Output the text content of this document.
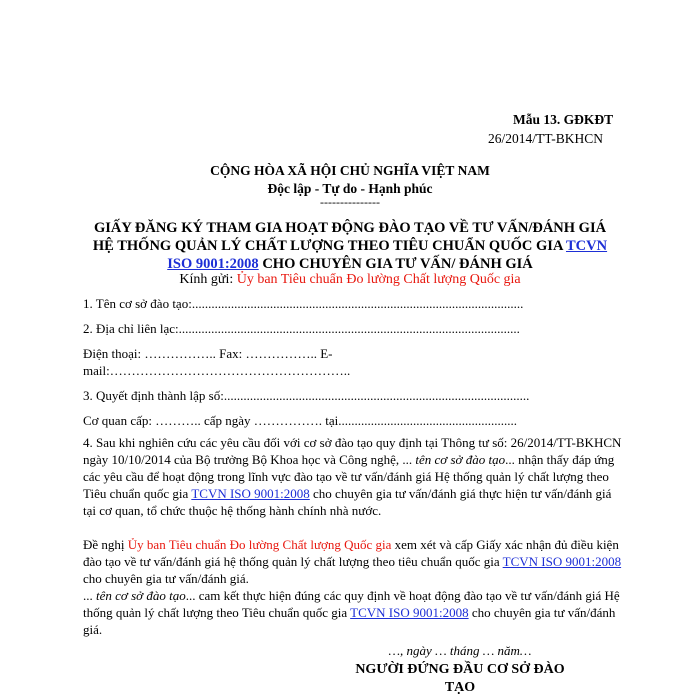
Mẫu 13. GĐKĐT
26/2014/TT-BKHCN
CỘNG HÒA XÃ HỘI CHỦ NGHĨA VIỆT NAM
Độc lập - Tự do - Hạnh phúc
---------------
GIẤY ĐĂNG KÝ THAM GIA HOẠT ĐỘNG ĐÀO TẠO VỀ TƯ VẤN/ĐÁNH GIÁ
HỆ THỐNG QUẢN LÝ CHẤT LƯỢNG THEO TIÊU CHUẨN QUỐC GIA TCVN
ISO 9001:2008 CHO CHUYÊN GIA TƯ VẤN/ ĐÁNH GIÁ
Kính gửi: Ủy ban Tiêu chuẩn Đo lường Chất lượng Quốc gia
1. Tên cơ sở đào tạo:......................................................................................................
2. Địa chỉ liên lạc:.........................................................................................................
Điện thoại: …………….. Fax: …………….. E-
mail:………………………………………………..
3. Quyết định thành lập số:..............................................................................................
Cơ quan cấp: ……….. cấp ngày ……………. tại.......................................................
4. Sau khi nghiên cứu các yêu cầu đối với cơ sở đào tạo quy định tại Thông tư số: 26/2014/TT-BKHCN ngày 10/10/2014 của Bộ trưởng Bộ Khoa học và Công nghệ, ... tên cơ sở đào tạo... nhận thấy đáp ứng các yêu cầu để hoạt động trong lĩnh vực đào tạo về tư vấn/đánh giá Hệ thống quản lý chất lượng theo Tiêu chuẩn quốc gia TCVN ISO 9001:2008 cho chuyên gia tư vấn/đánh giá thực hiện tư vấn/đánh giá tại cơ quan, tổ chức thuộc hệ thống hành chính nhà nước.
Đề nghị Ủy ban Tiêu chuẩn Đo lường Chất lượng Quốc gia xem xét và cấp Giấy xác nhận đủ điều kiện đào tạo về tư vấn/đánh giá hệ thống quản lý chất lượng theo tiêu chuẩn quốc gia TCVN ISO 9001:2008 cho chuyên gia tư vấn/đánh giá.
... tên cơ sở đào tạo... cam kết thực hiện đúng các quy định về hoạt động đào tạo về tư vấn/đánh giá Hệ thống quản lý chất lượng theo Tiêu chuẩn quốc gia TCVN ISO 9001:2008 cho chuyên gia tư vấn/đánh giá.
…, ngày … tháng … năm…
NGƯỜI ĐỨNG ĐẦU CƠ SỞ ĐÀO
TẠO
